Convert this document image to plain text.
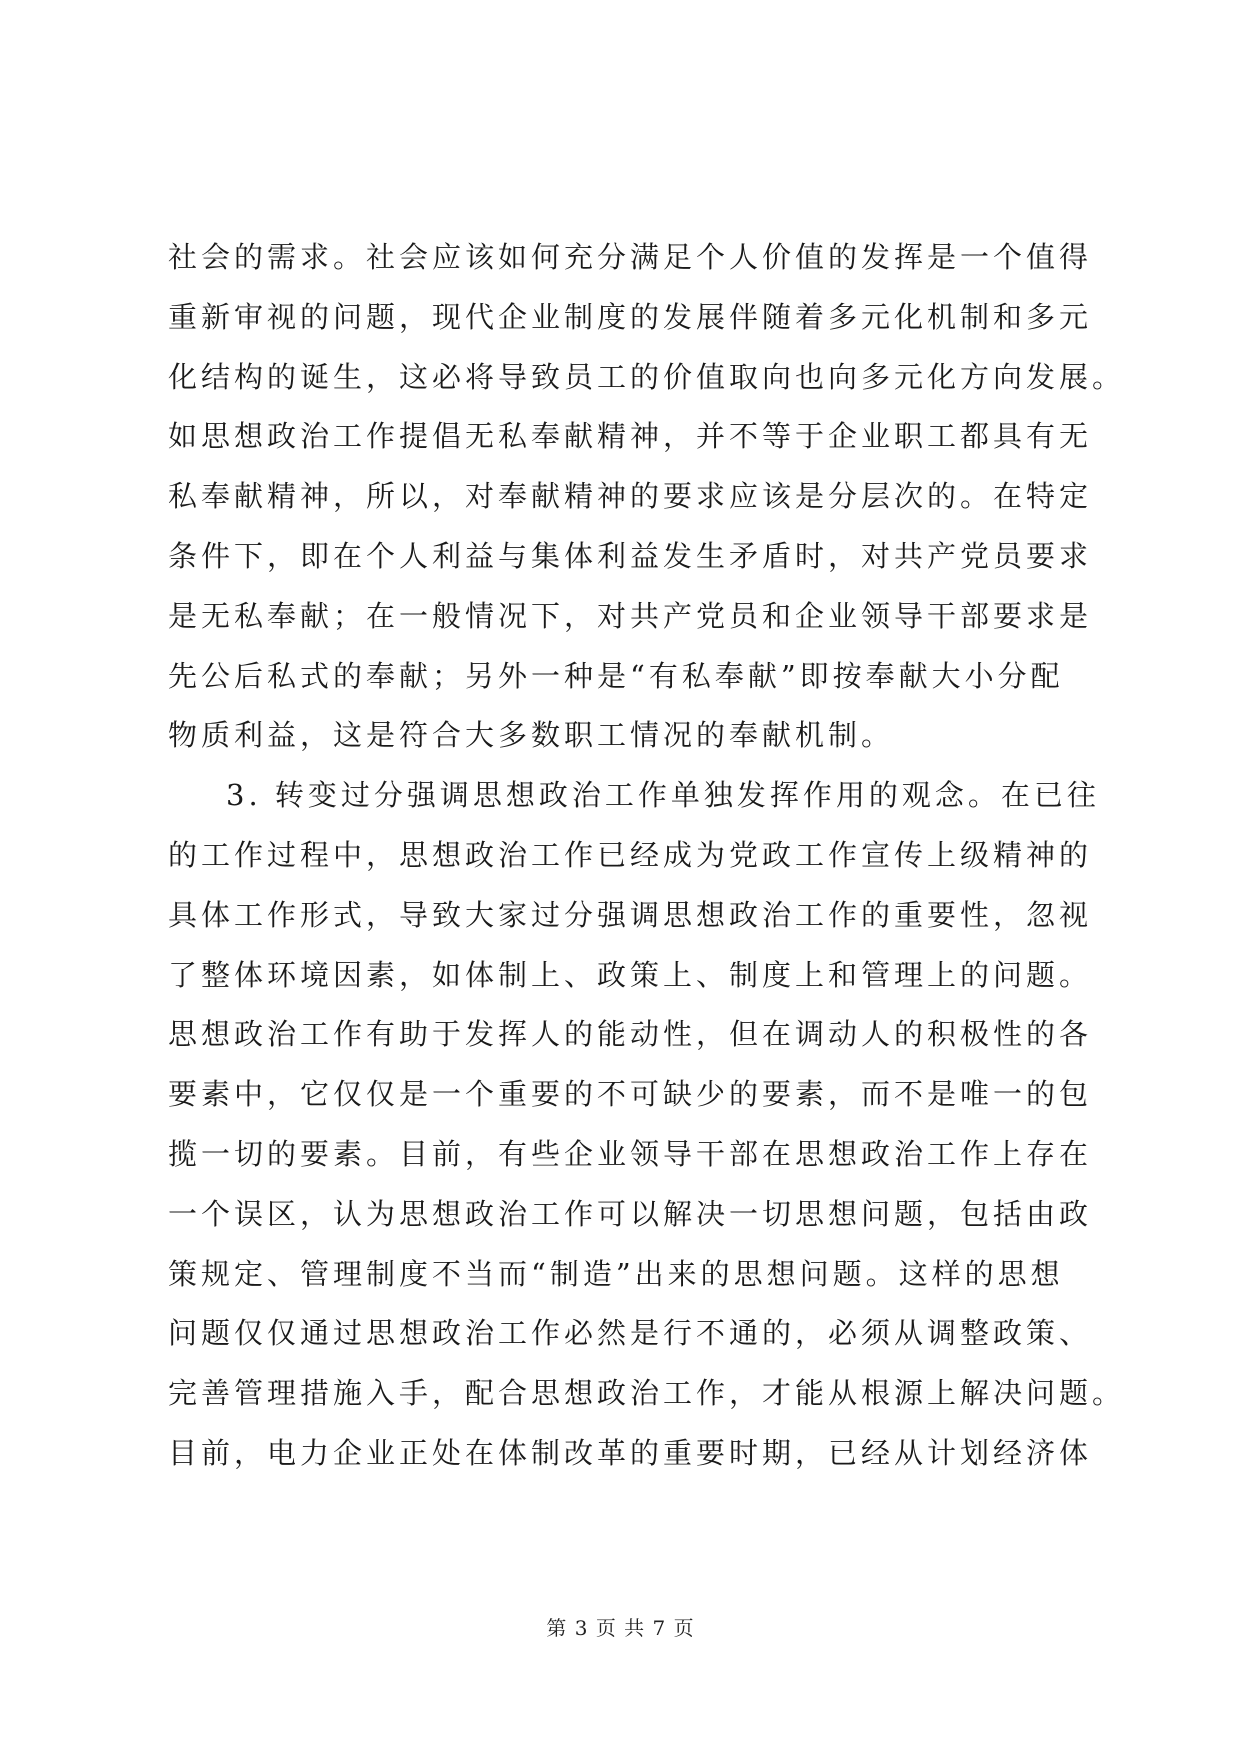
社会的需求。社会应该如何充分满足个人价值的发挥是一个值得
重新审视的问题，现代企业制度的发展伴随着多元化机制和多元
化结构的诞生，这必将导致员工的价值取向也向多元化方向发展。
如思想政治工作提倡无私奉献精神，并不等于企业职工都具有无
私奉献精神，所以，对奉献精神的要求应该是分层次的。在特定
条件下，即在个人利益与集体利益发生矛盾时，对共产党员要求
是无私奉献；在一般情况下，对共产党员和企业领导干部要求是
先公后私式的奉献；另外一种是“有私奉献”即按奉献大小分配
物质利益，这是符合大多数职工情况的奉献机制。
3. 转变过分强调思想政治工作单独发挥作用的观念。在已往
的工作过程中，思想政治工作已经成为党政工作宣传上级精神的
具体工作形式，导致大家过分强调思想政治工作的重要性，忽视
了整体环境因素，如体制上、政策上、制度上和管理上的问题。
思想政治工作有助于发挥人的能动性，但在调动人的积极性的各
要素中，它仅仅是一个重要的不可缺少的要素，而不是唯一的包
揽一切的要素。目前，有些企业领导干部在思想政治工作上存在
一个误区，认为思想政治工作可以解决一切思想问题，包括由政
策规定、管理制度不当而“制造”出来的思想问题。这样的思想
问题仅仅通过思想政治工作必然是行不通的，必须从调整政策、
完善管理措施入手，配合思想政治工作，才能从根源上解决问题。
目前，电力企业正处在体制改革的重要时期，已经从计划经济体
第 3 页 共 7 页
